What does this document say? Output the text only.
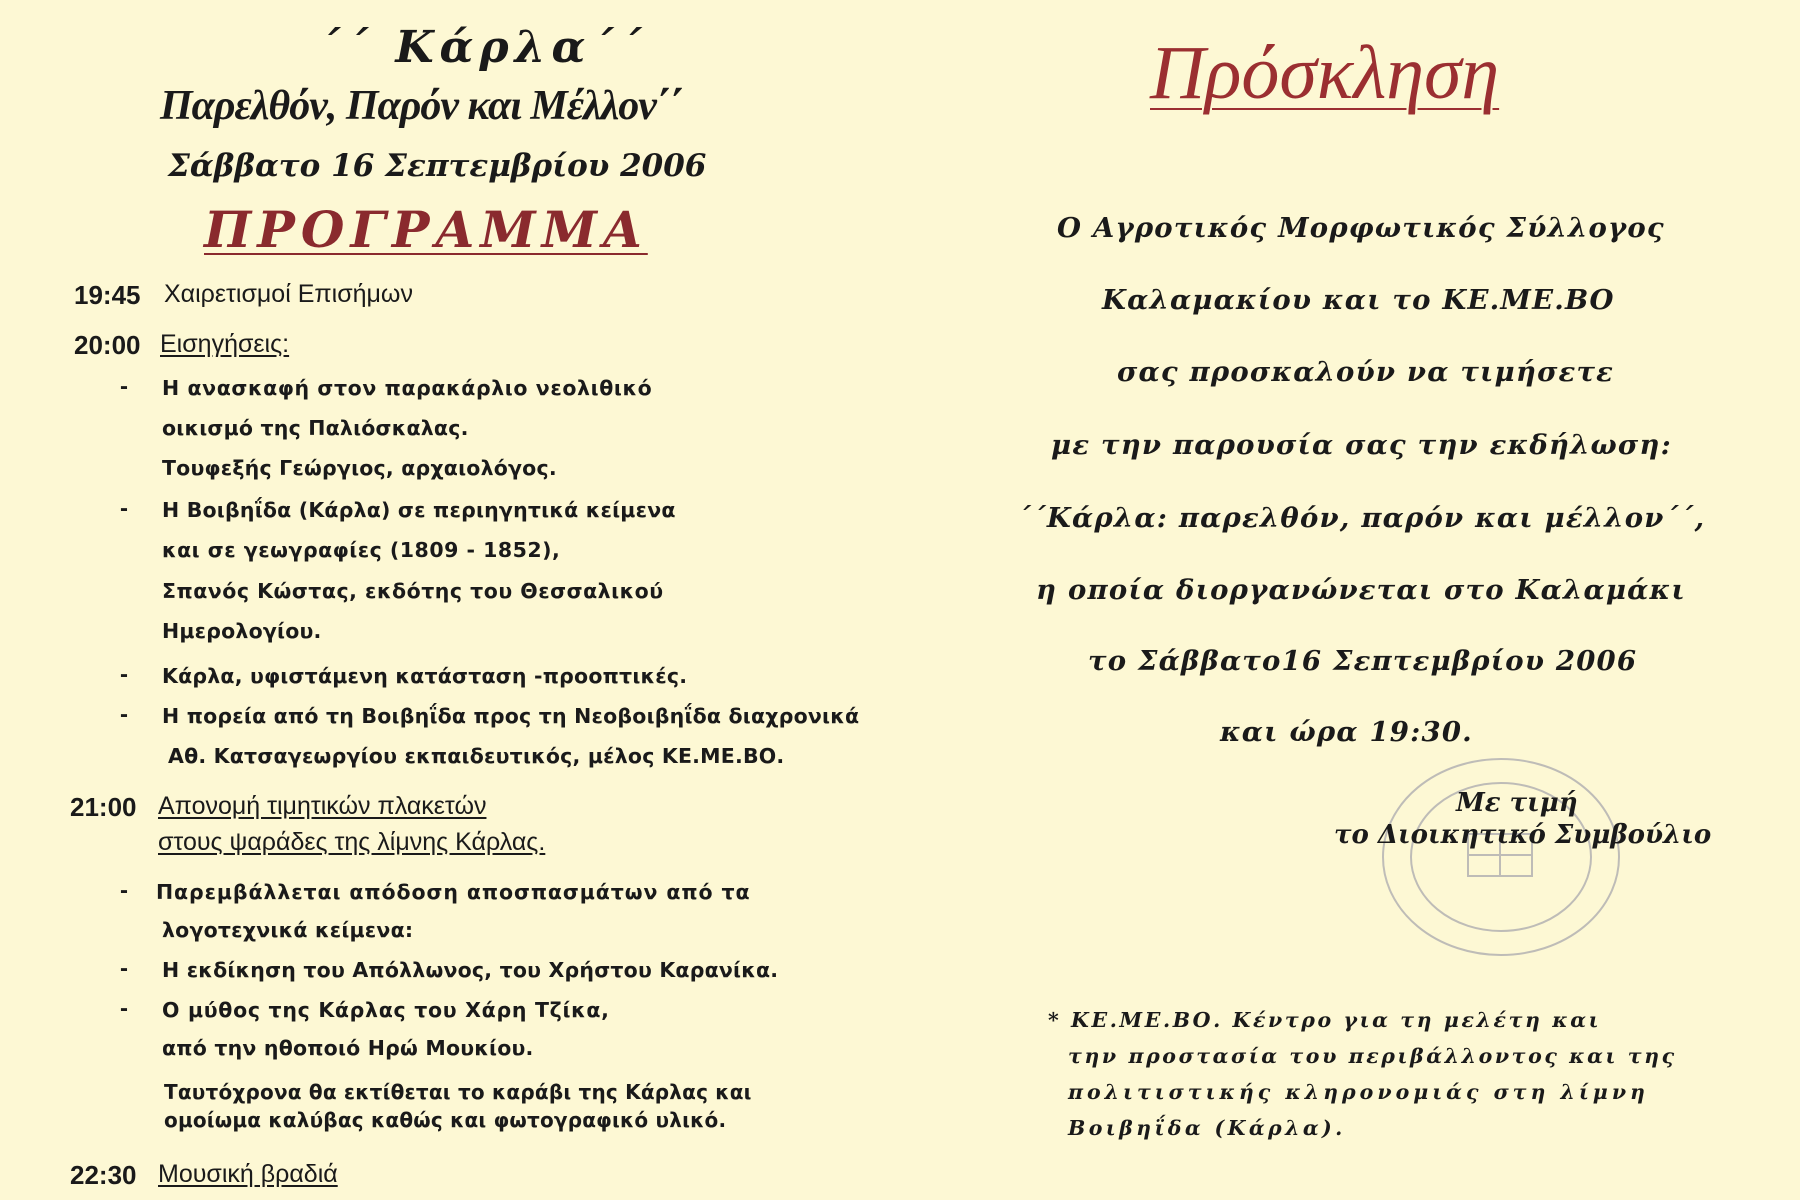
΄΄ Κάρλα΄΄
Παρελθόν, Παρόν και Μέλλον΄΄
Σάββατο 16 Σεπτεμβρίου 2006
ΠΡΟΓΡΑΜΜΑ
19:45 Χαιρετισμοί Επισήμων
20:00 Εισηγήσεις:
- Η ανασκαφή στον παρακάρλιο νεολιθικό
οικισμό της Παλιόσκαλας.
Τουφεξής Γεώργιος, αρχαιολόγος.
- Η Βοιβηΐδα (Κάρλα) σε περιηγητικά κείμενα
και σε γεωγραφίες (1809 - 1852),
Σπανός Κώστας, εκδότης του Θεσσαλικού
Ημερολογίου.
- Κάρλα, υφιστάμενη κατάσταση -προοπτικές.
- Η πορεία από τη Βοιβηΐδα προς τη Νεοβοιβηΐδα διαχρονικά
Αθ. Κατσαγεωργίου εκπαιδευτικός, μέλος ΚΕ.ΜΕ.ΒΟ.
21:00 Απονομή τιμητικών πλακετών
στους ψαράδες της λίμνης Κάρλας.
- Παρεμβάλλεται απόδοση αποσπασμάτων από τα
λογοτεχνικά κείμενα:
- Η εκδίκηση του Απόλλωνος, του Χρήστου Καρανίκα.
- Ο μύθος της Κάρλας του Χάρη Τζίκα,
από την ηθοποιό Ηρώ Μουκίου.
Ταυτόχρονα θα εκτίθεται το καράβι της Κάρλας και
ομοίωμα καλύβας καθώς και φωτογραφικό υλικό.
22:30 Μουσική βραδιά
Πρόσκληση
Ο Αγροτικός Μορφωτικός Σύλλογος
Καλαμακίου και το ΚΕ.ΜΕ.ΒΟ
σας προσκαλούν να τιμήσετε
με την παρουσία σας την εκδήλωση:
΄΄Κάρλα: παρελθόν, παρόν και μέλλον΄΄,
η οποία διοργανώνεται στο Καλαμάκι
το Σάββατο16 Σεπτεμβρίου 2006
και ώρα 19:30.
Με τιμή
το Διοικητικό Συμβούλιο
* ΚΕ.ΜΕ.ΒΟ. Κέντρο για τη μελέτη και
την προστασία του περιβάλλοντος και της
πολιτιστικής κληρονομιάς στη λίμνη
Βοιβηΐδα (Κάρλα).
